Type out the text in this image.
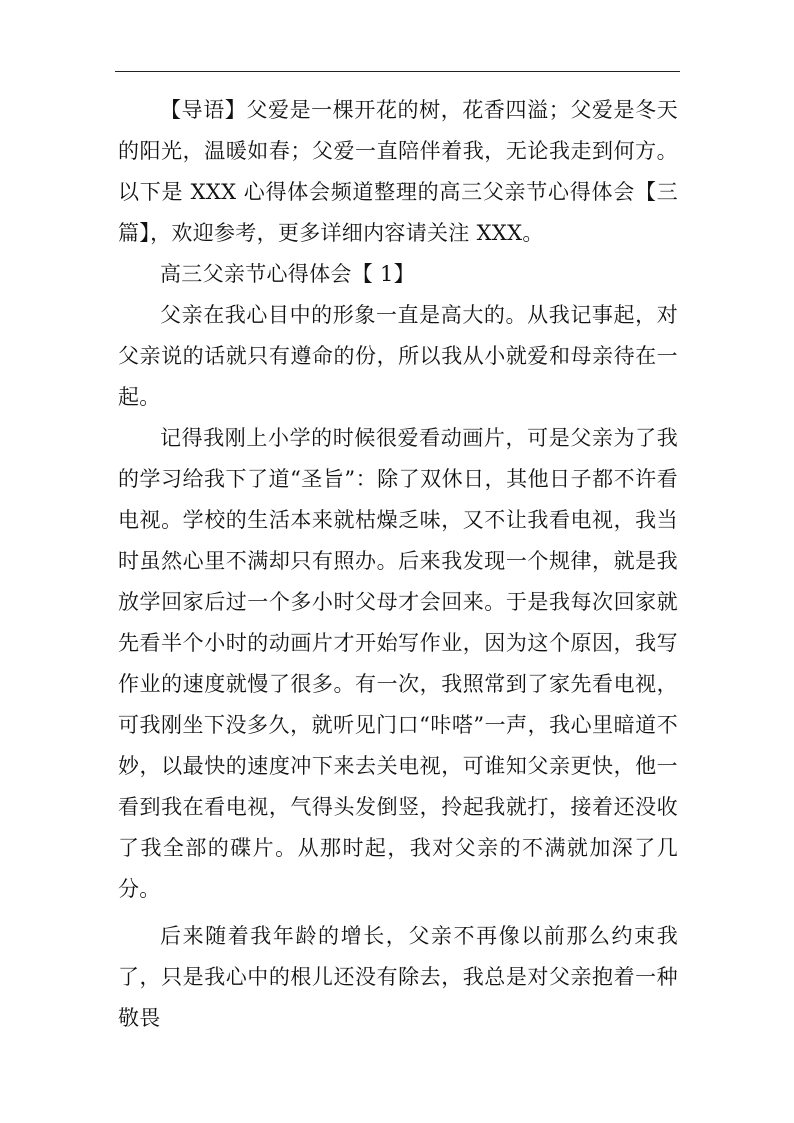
【导语】父爱是一棵开花的树，花香四溢；父爱是冬天的阳光，温暖如春；父爱一直陪伴着我，无论我走到何方。以下是 XXX 心得体会频道整理的高三父亲节心得体会【三篇】，欢迎参考，更多详细内容请关注 XXX。

高三父亲节心得体会【 1】

父亲在我心目中的形象一直是高大的。从我记事起，对父亲说的话就只有遵命的份，所以我从小就爱和母亲待在一起。

记得我刚上小学的时候很爱看动画片，可是父亲为了我的学习给我下了道“圣旨”：除了双休日，其他日子都不许看电视。学校的生活本来就枯燥乏味，又不让我看电视，我当时虽然心里不满却只有照办。后来我发现一个规律，就是我放学回家后过一个多小时父母才会回来。于是我每次回家就先看半个小时的动画片才开始写作业，因为这个原因，我写作业的速度就慢了很多。有一次，我照常到了家先看电视，可我刚坐下没多久，就听见门口“咔嗒”一声，我心里暗道不妙，以最快的速度冲下来去关电视，可谁知父亲更快，他一看到我在看电视，气得头发倒竖，拎起我就打，接着还没收了我全部的碟片。从那时起，我对父亲的不满就加深了几分。

后来随着我年龄的增长，父亲不再像以前那么约束我了，只是我心中的根儿还没有除去，我总是对父亲抱着一种敬畏
